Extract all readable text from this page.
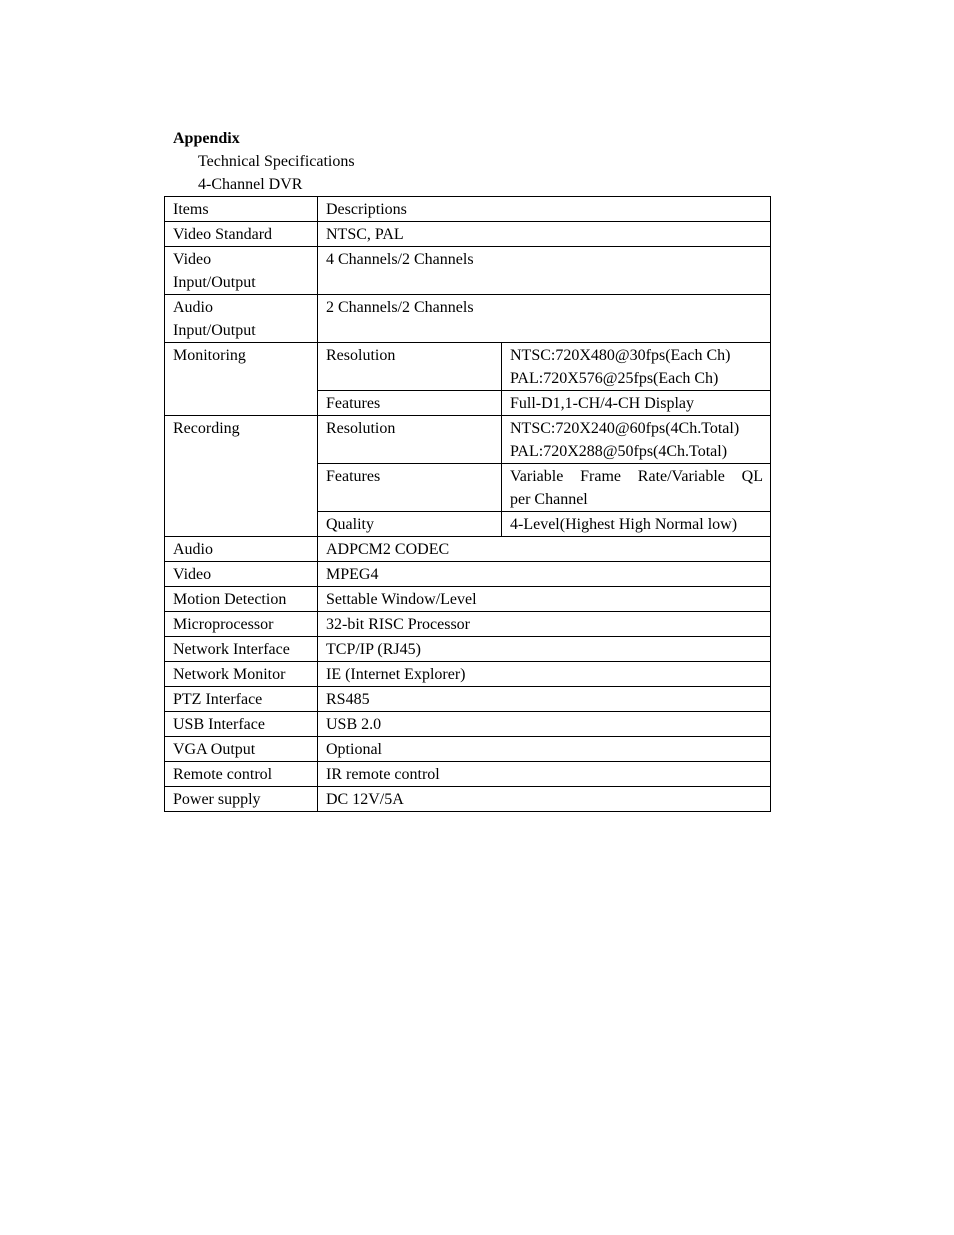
Appendix
Technical Specifications
4-Channel DVR
Items	Descriptions	
Video Standard	NTSC, PAL	

Video
Input/Output	4 Channels/2 Channels	

Audio
Input/Output	2 Channels/2 Channels	
Monitoring	Resolution	NTSC:720X480@30fps(Each Ch)
PAL:720X576@25fps(Each Ch)

	Features	Full-D1,1-CH/4-CH Display
Recording	Resolution	NTSC:720X240@60fps(4Ch.Total)
PAL:720X288@50fps(4Ch.Total)

	Features	Variable Frame Rate/Variable QL
per Channel

	Quality	4-Level(Highest High Normal low)
Audio	ADPCM2 CODEC	
Video	MPEG4	
Motion Detection	Settable Window/Level	
Microprocessor	32-bit RISC Processor	
Network Interface	TCP/IP (RJ45)	
Network Monitor	IE (Internet Explorer)	
PTZ Interface	RS485	
USB Interface	USB 2.0	
VGA Output	Optional	
Remote control	IR remote control	
Power supply	DC 12V/5A	
